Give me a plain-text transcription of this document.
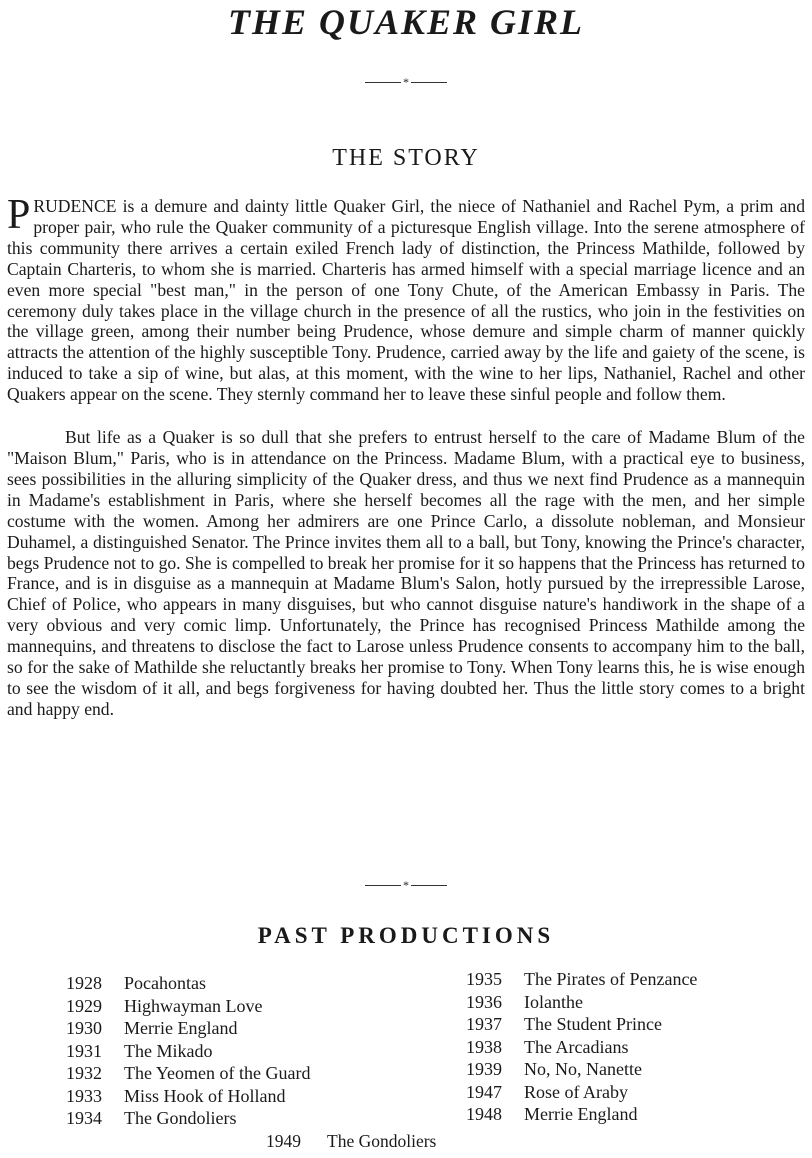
THE QUAKER GIRL
*
THE STORY

PRUDENCE is a demure and dainty little Quaker Girl, the niece of Nathaniel and Rachel Pym, a prim and proper pair, who rule the Quaker community of a picturesque English village. Into the serene atmosphere of this community there arrives a certain exiled French lady of distinction, the Princess Mathilde, followed by Captain Charteris, to whom she is married. Charteris has armed himself with a special marriage licence and an even more special "best man," in the person of one Tony Chute, of the American Embassy in Paris. The ceremony duly takes place in the village church in the presence of all the rustics, who join in the festivities on the village green, among their number being Prudence, whose demure and simple charm of manner quickly attracts the attention of the highly susceptible Tony. Prudence, carried away by the life and gaiety of the scene, is induced to take a sip of wine, but alas, at this moment, with the wine to her lips, Nathaniel, Rachel and other Quakers appear on the scene. They sternly command her to leave these sinful people and follow them.

But life as a Quaker is so dull that she prefers to entrust herself to the care of Madame Blum of the "Maison Blum," Paris, who is in attendance on the Princess. Madame Blum, with a practical eye to business, sees possibilities in the alluring simplicity of the Quaker dress, and thus we next find Prudence as a mannequin in Madame's establishment in Paris, where she herself becomes all the rage with the men, and her simple costume with the women. Among her admirers are one Prince Carlo, a dissolute nobleman, and Monsieur Duhamel, a distinguished Senator. The Prince invites them all to a ball, but Tony, knowing the Prince's character, begs Prudence not to go. She is compelled to break her promise for it so happens that the Princess has returned to France, and is in disguise as a mannequin at Madame Blum's Salon, hotly pursued by the irrepressible Larose, Chief of Police, who appears in many disguises, but who cannot disguise nature's handiwork in the shape of a very obvious and very comic limp. Unfortunately, the Prince has recognised Princess Mathilde among the mannequins, and threatens to disclose the fact to Larose unless Prudence consents to accompany him to the ball, so for the sake of Mathilde she reluctantly breaks her promise to Tony. When Tony learns this, he is wise enough to see the wisdom of it all, and begs forgiveness for having doubted her. Thus the little story comes to a bright and happy end.

*
PAST PRODUCTIONS
1928 Pocahontas
1929 Highwayman Love
1930 Merrie England
1931 The Mikado
1932 The Yeomen of the Guard
1933 Miss Hook of Holland
1934 The Gondoliers
1935 The Pirates of Penzance
1936 Iolanthe
1937 The Student Prince
1938 The Arcadians
1939 No, No, Nanette
1947 Rose of Araby
1948 Merrie England
1949 The Gondoliers
